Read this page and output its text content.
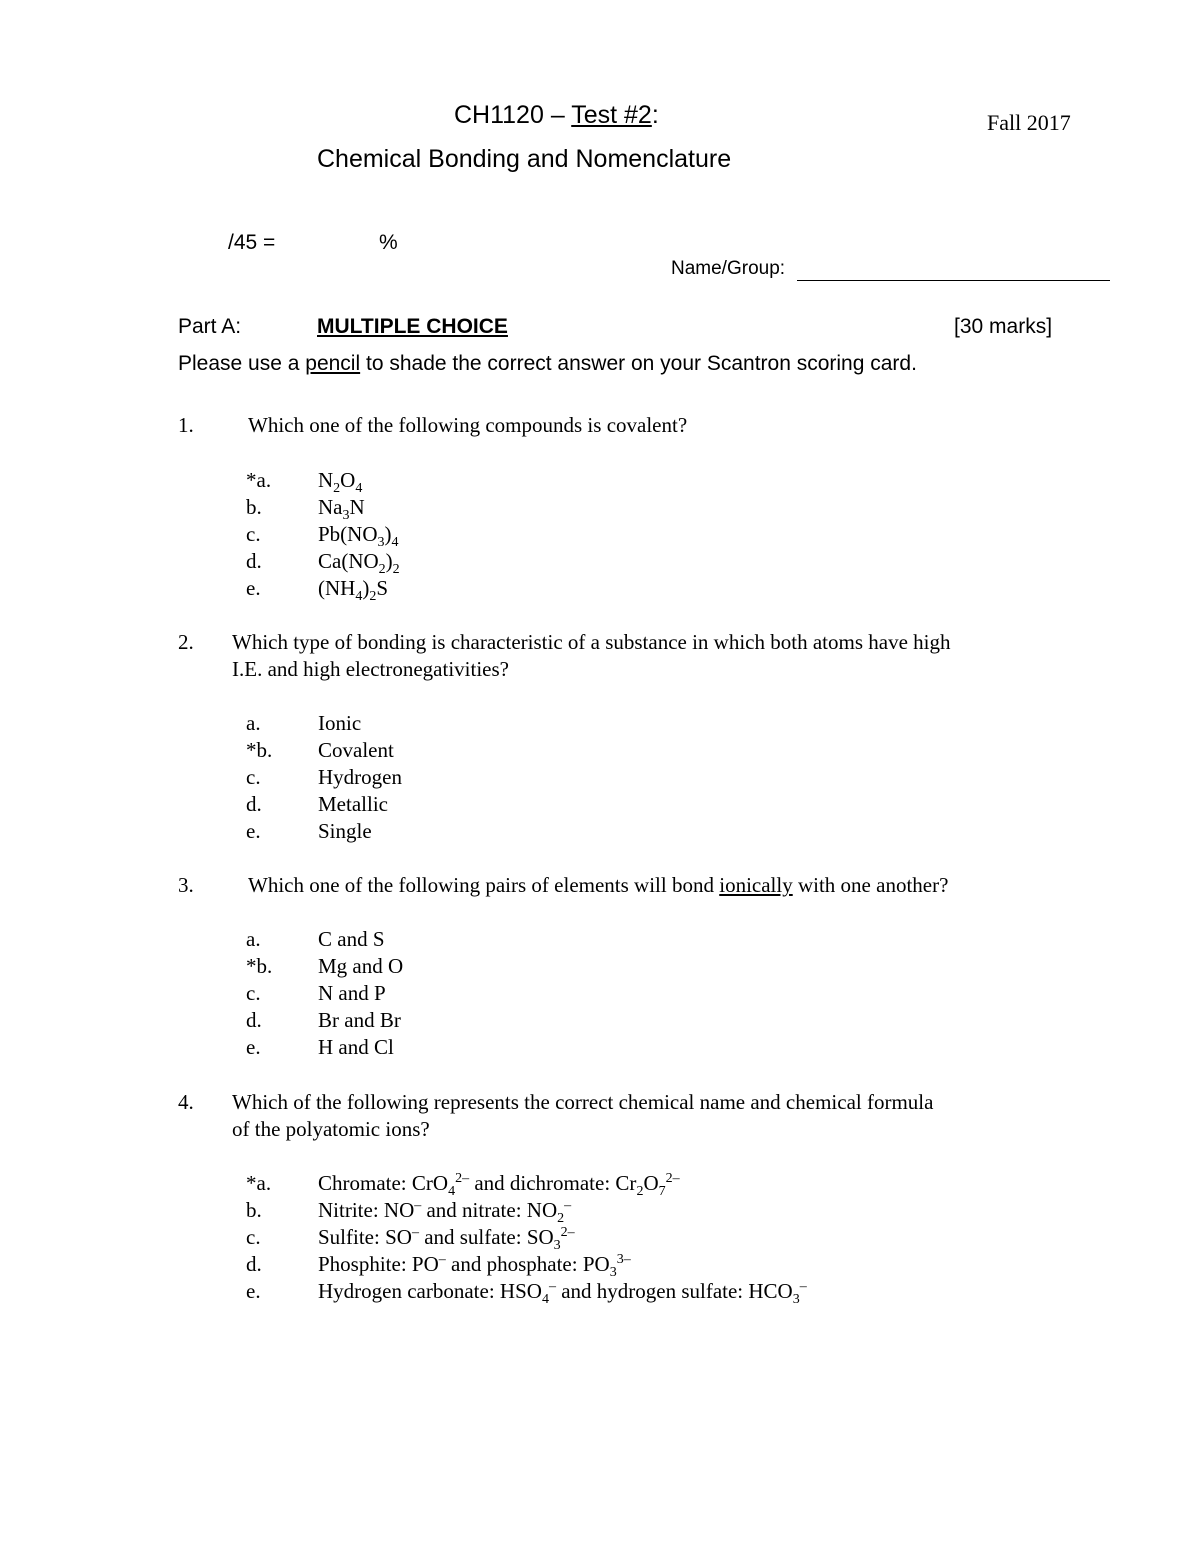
CH1120 – Test #2:	Fall 2017
Chemical Bonding and Nomenclature
/45 =	%
Name/Group:
Part A:	MULTIPLE CHOICE	[30 marks]
Please use a pencil to shade the correct answer on your Scantron scoring card.
1.	Which one of the following compounds is covalent?
*a. $N_2O_4$
b.	$Na_3N$
c.	$Pb(NO_3)_4$
d.	$Ca(NO_2)_2$
e.	$(NH_4)_2S$
2. Which type of bonding is characteristic of a substance in which both atoms have high
I.E. and high electronegativities?
a.	Ionic
*b. Covalent
c.	Hydrogen
d.	Metallic
e.	Single
3.	Which one of the following pairs of elements will bond ionically with one another?
a.	C and S
*b. Mg and O
c.	N and P
d.	Br and Br
e.	H and Cl
4. Which of the following represents the correct chemical name and chemical formula
of the polyatomic ions?
*a. Chromate: CrO$_4^{2-}$ and dichromate: $Cr_2O_7^{2-}$
b.	Nitrite: NO– and nitrate: $NO_2^-$
c.	Sulfite: SO– and sulfate: $SO_3^{2-}$
d.	Phosphite: PO– and phosphate: $PO_3^{3-}$
e.	Hydrogen carbonate: $HSO_4^-$ and hydrogen sulfate: $HCO_3^-$
